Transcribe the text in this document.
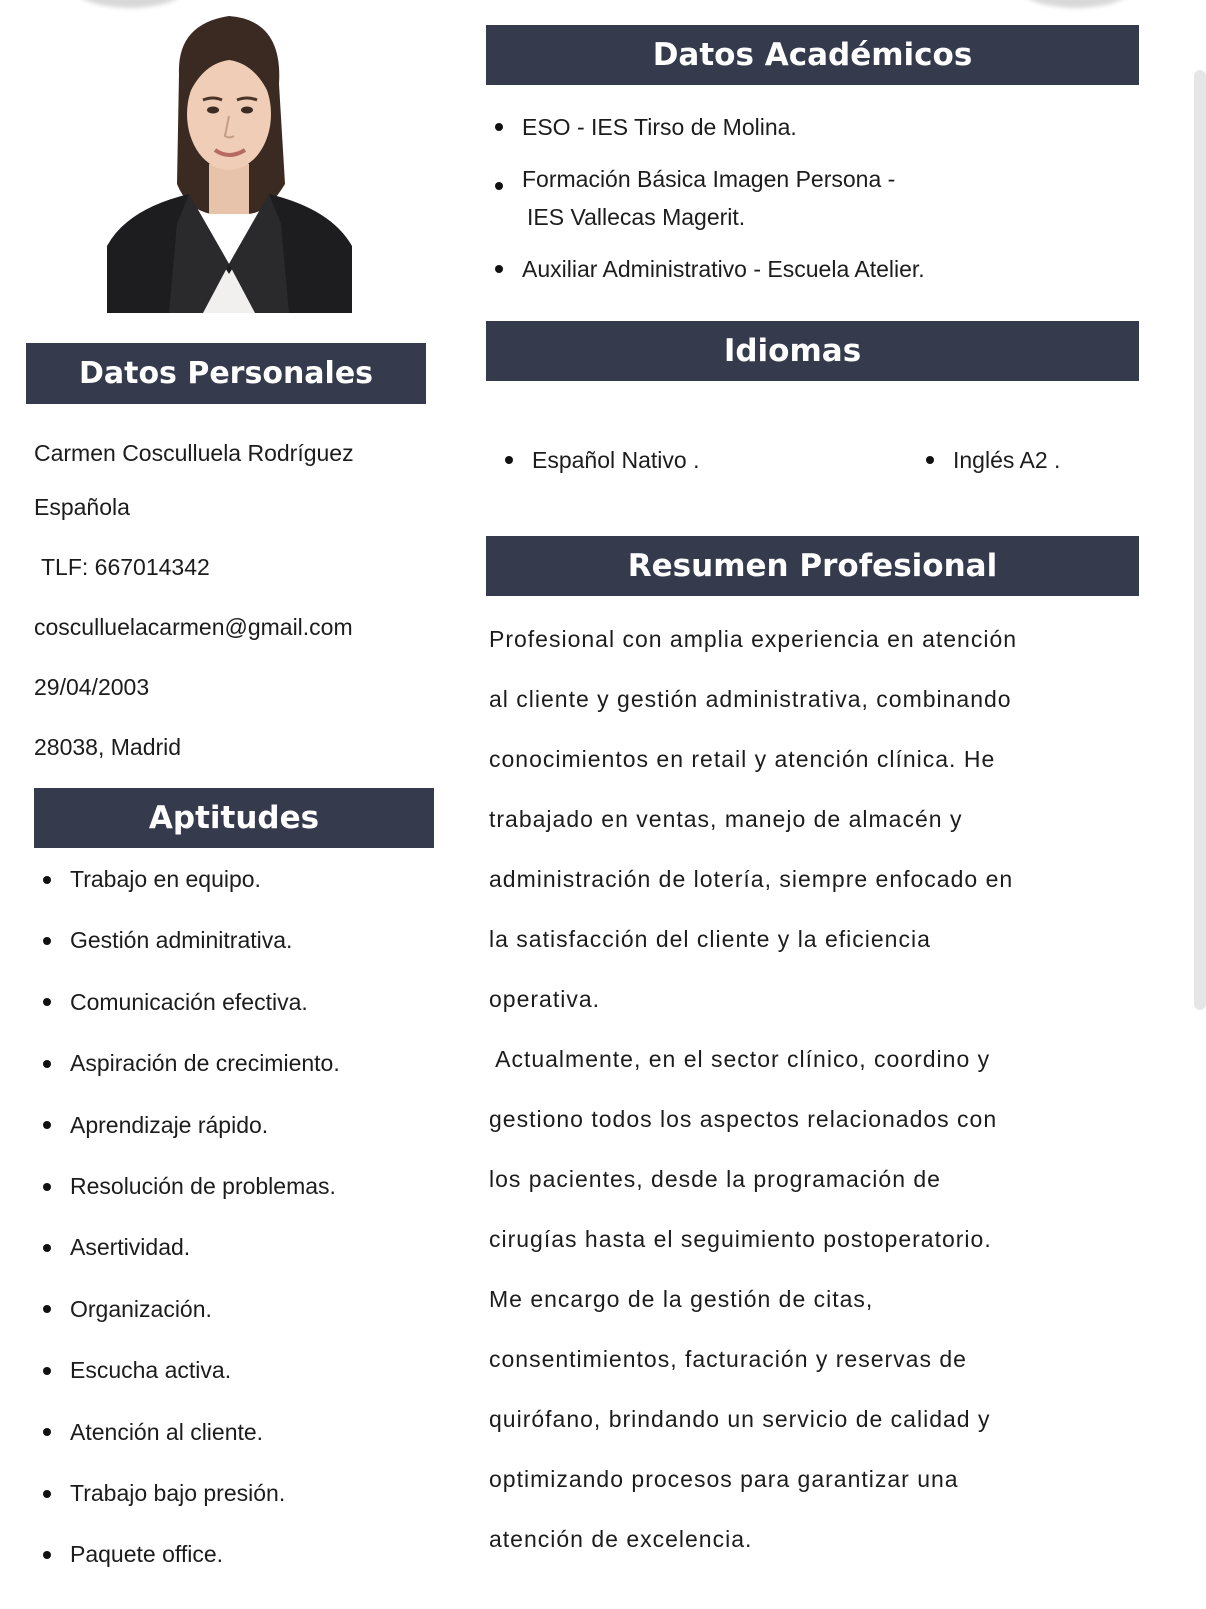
Datos Personales
Carmen Cosculluela Rodríguez
Española
TLF: 667014342
cosculluelacarmen@gmail.com
29/04/2003
28038, Madrid
Aptitudes
Trabajo en equipo.
Gestión adminitrativa.
Comunicación efectiva.
Aspiración de crecimiento.
Aprendizaje rápido.
Resolución de problemas.
Asertividad.
Organización.
Escucha activa.
Atención al cliente.
Trabajo bajo presión.
Paquete office.
Datos Académicos
ESO - IES Tirso de Molina.
Formación Básica Imagen Persona -
IES Vallecas Magerit.
Auxiliar Administrativo - Escuela Atelier.
Idiomas
Español Nativo .	Inglés A2 .
Resumen Profesional

Profesional con amplia experiencia en atención
al cliente y gestión administrativa, combinando
conocimientos en retail y atención clínica. He
trabajado en ventas, manejo de almacén y
administración de lotería, siempre enfocado en
la satisfacción del cliente y la eficiencia
operativa.
Actualmente, en el sector clínico, coordino y
gestiono todos los aspectos relacionados con
los pacientes, desde la programación de
cirugías hasta el seguimiento postoperatorio.
Me encargo de la gestión de citas,
consentimientos, facturación y reservas de
quirófano, brindando un servicio de calidad y
optimizando procesos para garantizar una
atención de excelencia.
